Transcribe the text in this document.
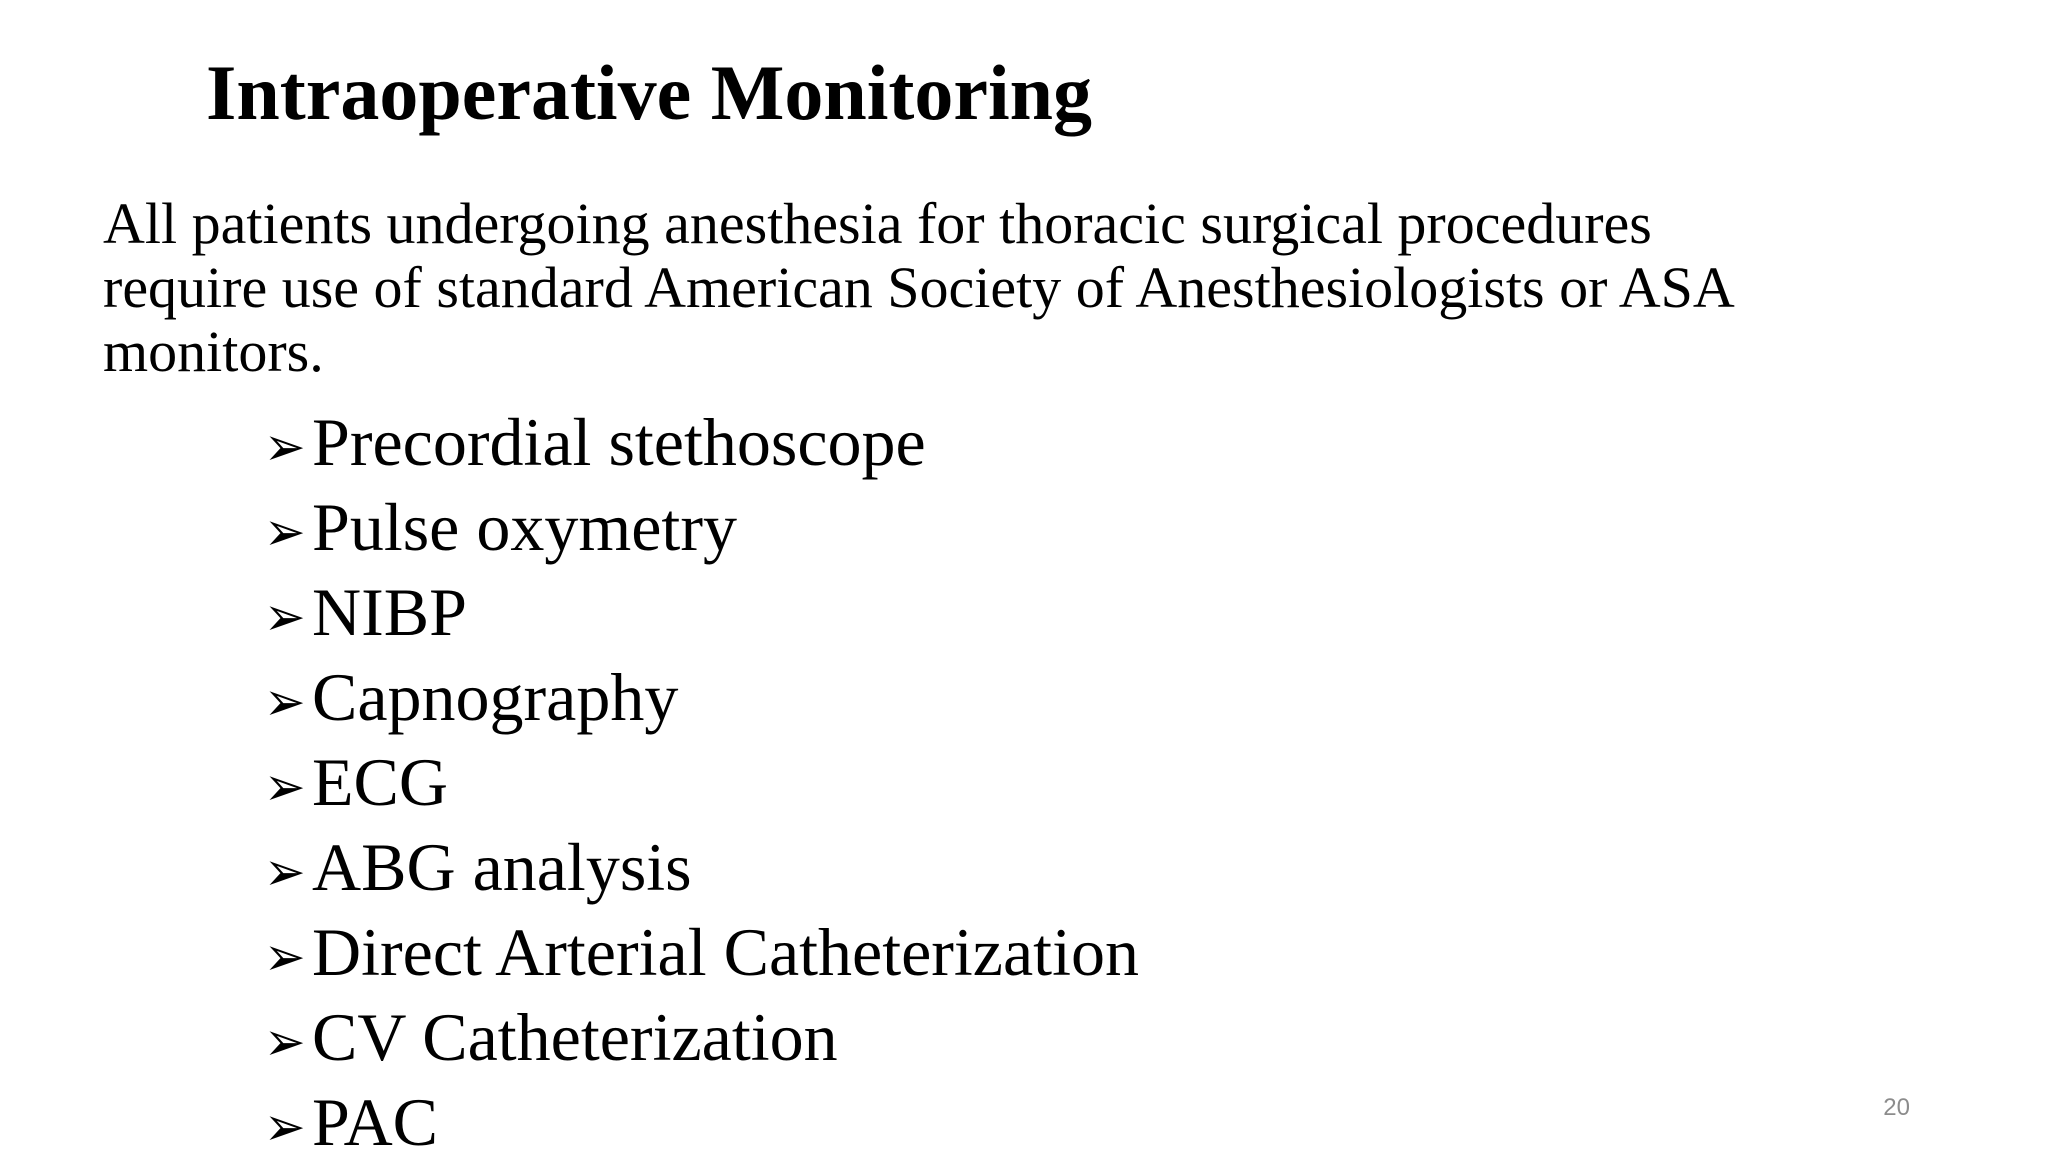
Intraoperative Monitoring

All patients undergoing anesthesia for thoracic surgical procedures
require use of standard American Society of Anesthesiologists or ASA
monitors.

➢ Precordial stethoscope
➢ Pulse oxymetry
➢ NIBP
➢ Capnography
➢ ECG
➢ ABG analysis
➢ Direct Arterial Catheterization
➢ CV Catheterization
➢ PAC	20
